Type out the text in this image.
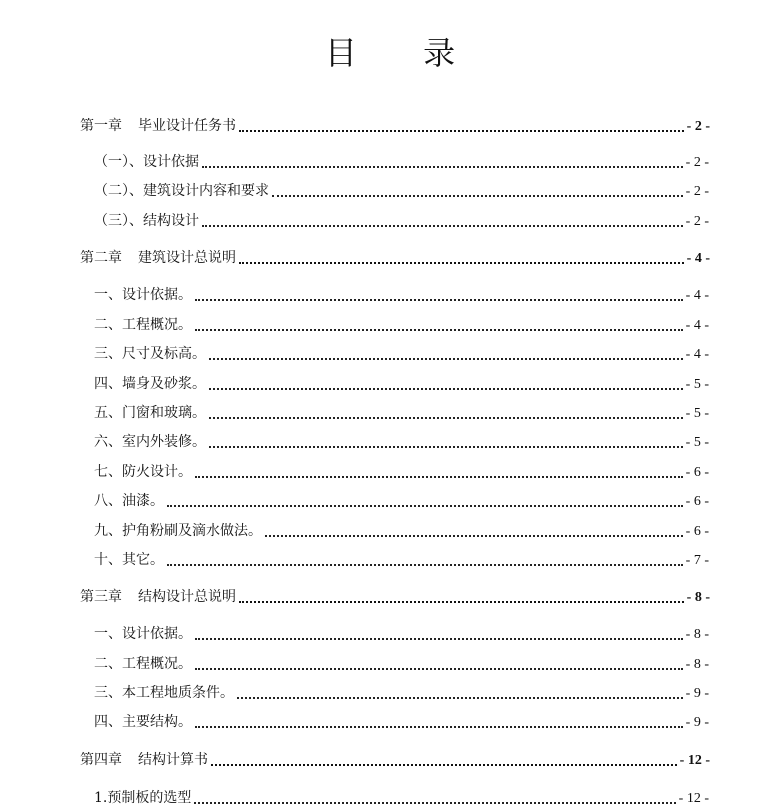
目 录
第一章 毕业设计任务书	- 2 -
（一）、设计依据	- 2 -
（二）、建筑设计内容和要求	- 2 -
（三）、结构设计	- 2 -
第二章 建筑设计总说明	- 4 -
一、设计依据。	- 4 -
二、工程概况。	- 4 -
三、尺寸及标高。	- 4 -
四、墙身及砂浆。	- 5 -
五、门窗和玻璃。	- 5 -
六、室内外装修。	- 5 -
七、防火设计。	- 6 -
八、油漆。	- 6 -
九、护角粉刷及滴水做法。	- 6 -
十、其它。	- 7 -
第三章 结构设计总说明	- 8 -
一、设计依据。	- 8 -
二、工程概况。	- 8 -
三、本工程地质条件。	- 9 -
四、主要结构。	- 9 -
第四章 结构计算书	- 12 -
1.预制板的选型	- 12 -
